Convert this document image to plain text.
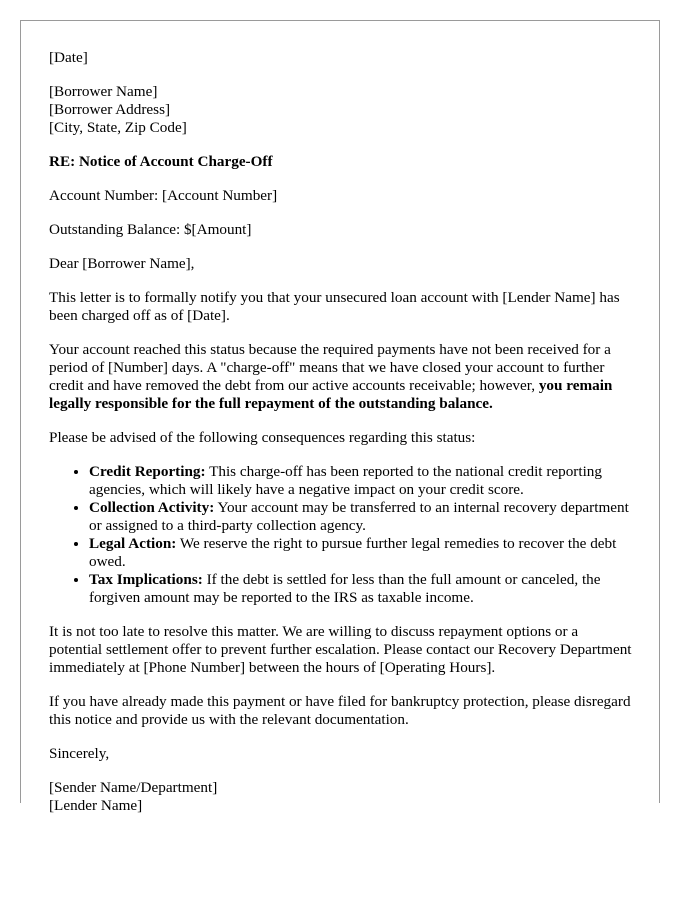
[Date]

[Borrower Name]
[Borrower Address]
[City, State, Zip Code]

RE: Notice of Account Charge-Off

Account Number: [Account Number]

Outstanding Balance: $[Amount]

Dear [Borrower Name],

This letter is to formally notify you that your unsecured loan account with [Lender Name] has been charged off as of [Date].

Your account reached this status because the required payments have not been received for a period of [Number] days. A "charge-off" means that we have closed your account to further credit and have removed the debt from our active accounts receivable; however, you remain legally responsible for the full repayment of the outstanding balance.

Please be advised of the following consequences regarding this status:

• Credit Reporting: This charge-off has been reported to the national credit reporting agencies, which will likely have a negative impact on your credit score.
• Collection Activity: Your account may be transferred to an internal recovery department or assigned to a third-party collection agency.
• Legal Action: We reserve the right to pursue further legal remedies to recover the debt owed.
• Tax Implications: If the debt is settled for less than the full amount or canceled, the forgiven amount may be reported to the IRS as taxable income.

It is not too late to resolve this matter. We are willing to discuss repayment options or a potential settlement offer to prevent further escalation. Please contact our Recovery Department immediately at [Phone Number] between the hours of [Operating Hours].

If you have already made this payment or have filed for bankruptcy protection, please disregard this notice and provide us with the relevant documentation.

Sincerely,

[Sender Name/Department]
[Lender Name]
